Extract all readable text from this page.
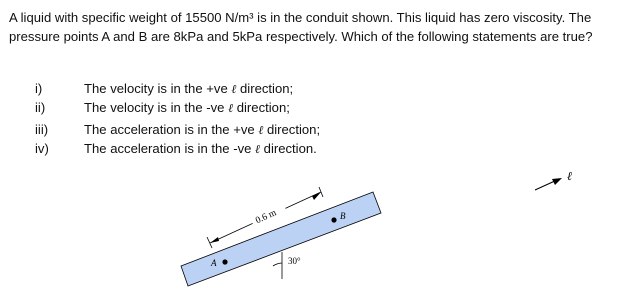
A liquid with specific weight of 15500 N/m³ is in the conduit shown. This liquid has zero viscosity. The pressure points A and B are 8kPa and 5kPa respectively. Which of the following statements are true?

i)	The velocity is in the +ve ℓ direction;
ii)	The velocity is in the -ve ℓ direction;
iii)	The acceleration is in the +ve ℓ direction;
iv)	The acceleration is in the -ve ℓ direction.
A
B
0.6 m
30°
ℓ
